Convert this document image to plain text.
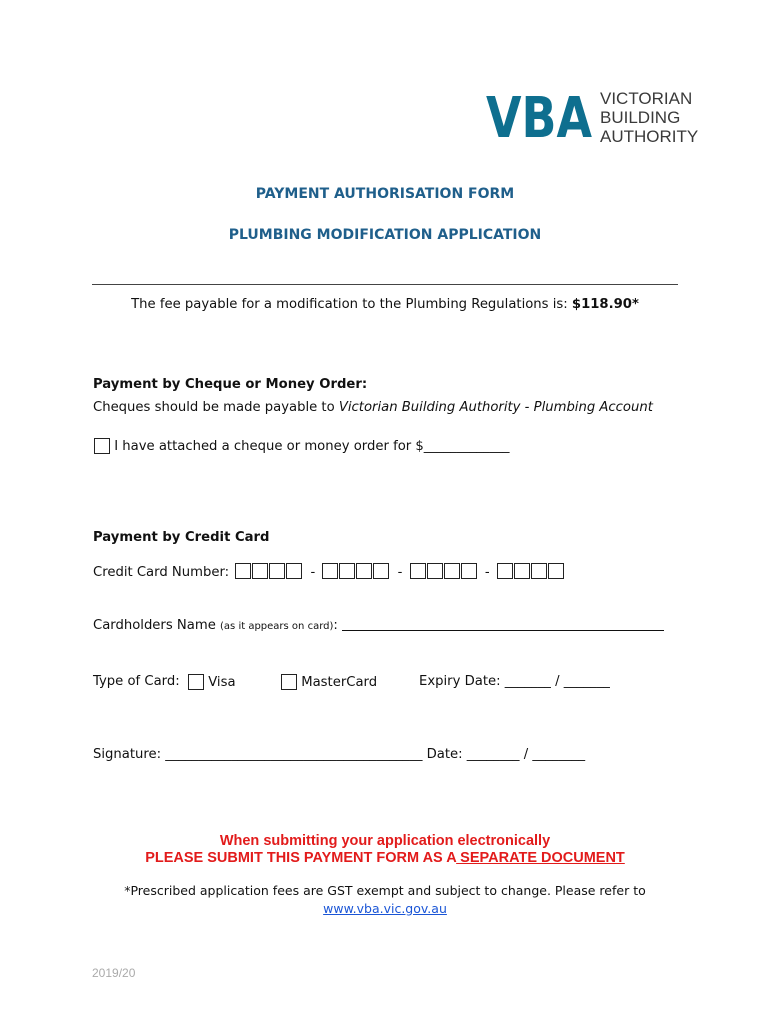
VBA VICTORIAN
BUILDING
AUTHORITY
PAYMENT AUTHORISATION FORM
PLUMBING MODIFICATION APPLICATION
The fee payable for a modification to the Plumbing Regulations is: $118.90*
Payment by Cheque or Money Order:
Cheques should be made payable to Victorian Building Authority - Plumbing Account
I have attached a cheque or money order for $_____________
Payment by Credit Card
Credit Card Number:	-	-	-
Cardholders Name (as it appears on card):
Type of Card:	Visa	MasterCard	Expiry Date: _______ / _______
Signature: _______________________________________ Date: ________ / ________
When submitting your application electronically
PLEASE SUBMIT THIS PAYMENT FORM AS A SEPARATE DOCUMENT
*Prescribed application fees are GST exempt and subject to change. Please refer to
www.vba.vic.gov.au
2019/20
